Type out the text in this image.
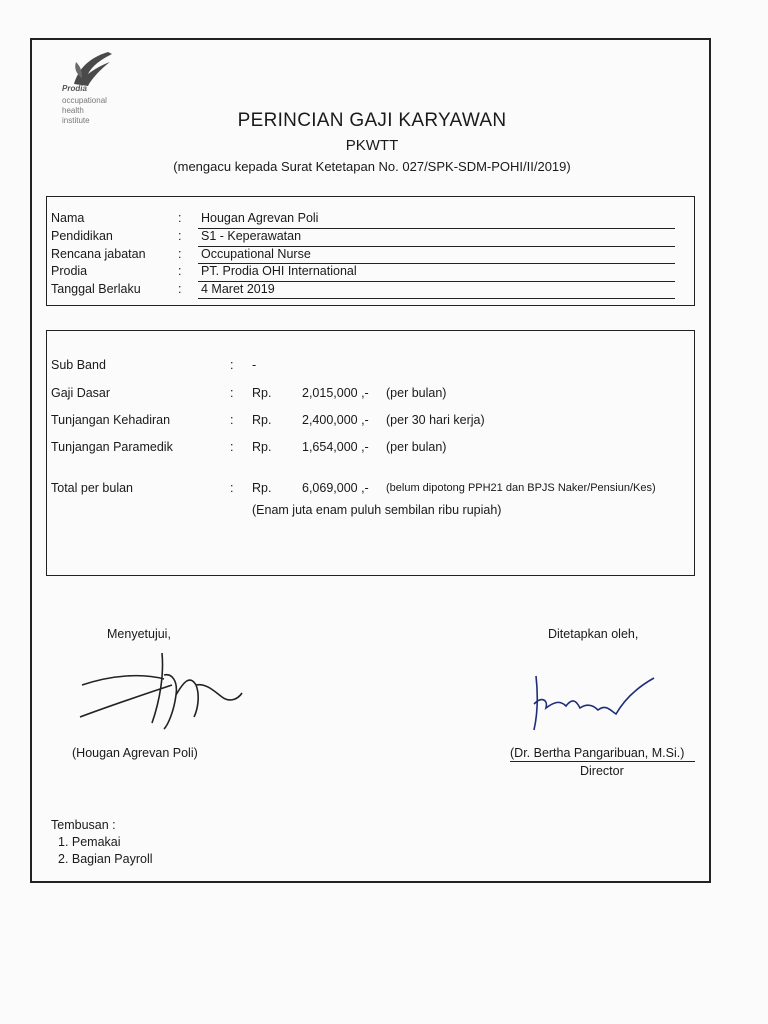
Prodia
occupational
health
institute	PERINCIAN GAJI KARYAWAN
PKWTT
(mengacu kepada Surat Ketetapan No. 027/SPK-SDM-POHI/II/2019)
Nama	: Hougan Agrevan Poli
Pendidikan	: S1 - Keperawatan
Rencana jabatan	: Occupational Nurse
Prodia	: PT. Prodia OHI International
Tanggal Berlaku	: 4 Maret 2019
Sub Band	: -
Gaji Dasar	: Rp. 2,015,000 ,- (per bulan)
Tunjangan Kehadiran	: Rp. 2,400,000 ,- (per 30 hari kerja)
Tunjangan Paramedik	: Rp. 1,654,000 ,- (per bulan)
Total per bulan	: Rp. 6,069,000 ,- (belum dipotong PPH21 dan BPJS Naker/Pensiun/Kes)
(Enam juta enam puluh sembilan ribu rupiah)
Menyetujui,
(Hougan Agrevan Poli)
Ditetapkan oleh,
(Dr. Bertha Pangaribuan, M.Si.)
Director
Tembusan :
1. Pemakai
2. Bagian Payroll
